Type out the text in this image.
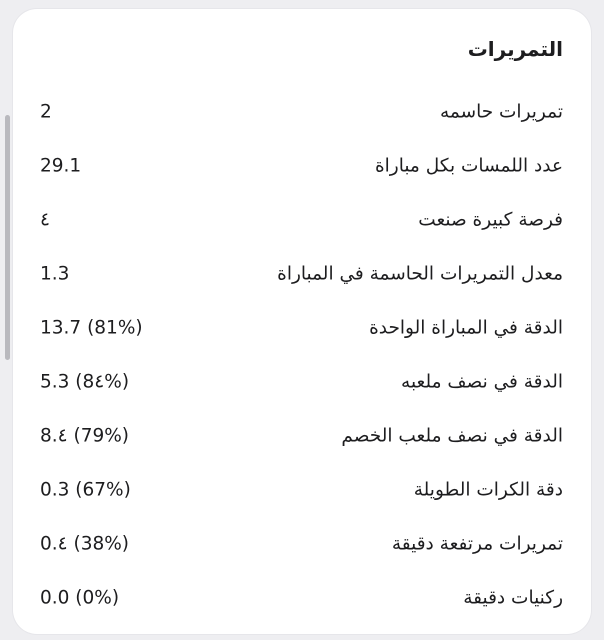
التمريرات
تمريرات حاسمه
2
عدد اللمسات بكل مباراة
29.1
فرصة كبيرة صنعت
٤
معدل التمريرات الحاسمة في المباراة
1.3
الدقة في المباراة الواحدة
13.7 (81%)
الدقة في نصف ملعبه
5.3 (8٤%)
الدقة في نصف ملعب الخصم
8.٤ (79%)
دقة الكرات الطويلة
0.3 (67%)
تمريرات مرتفعة دقيقة
0.٤ (38%)
ركنيات دقيقة
0.0 (0%)
